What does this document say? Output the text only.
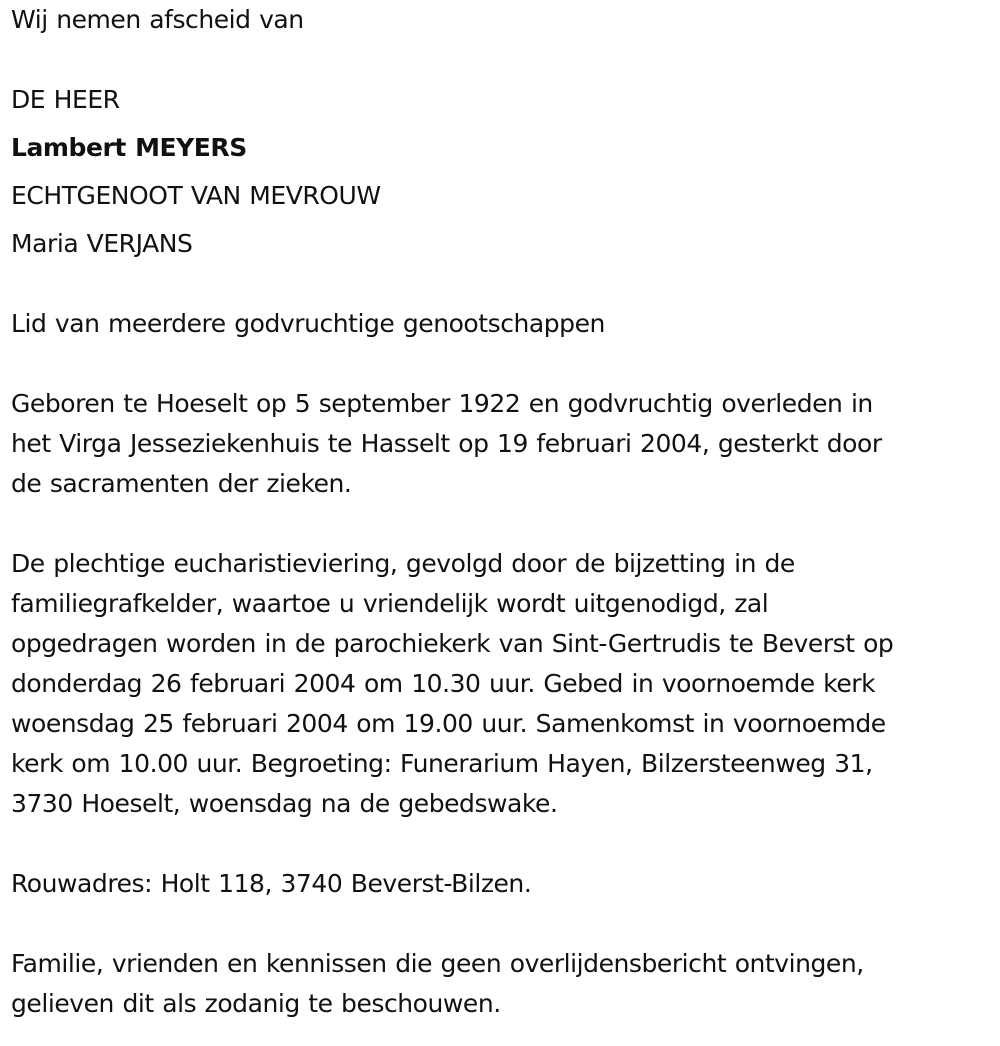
Wij nemen afscheid van

DE HEER

Lambert MEYERS

ECHTGENOOT VAN MEVROUW

Maria VERJANS

Lid van meerdere godvruchtige genootschappen

Geboren te Hoeselt op 5 september 1922 en godvruchtig overleden in
het Virga Jesseziekenhuis te Hasselt op 19 februari 2004, gesterkt door
de sacramenten der zieken.
De plechtige eucharistieviering, gevolgd door de bijzetting in de
familiegrafkelder, waartoe u vriendelijk wordt uitgenodigd, zal
opgedragen worden in de parochiekerk van Sint-Gertrudis te Beverst op
donderdag 26 februari 2004 om 10.30 uur. Gebed in voornoemde kerk
woensdag 25 februari 2004 om 19.00 uur. Samenkomst in voornoemde
kerk om 10.00 uur. Begroeting: Funerarium Hayen, Bilzersteenweg 31,
3730 Hoeselt, woensdag na de gebedswake.

Rouwadres: Holt 118, 3740 Beverst-Bilzen.

Familie, vrienden en kennissen die geen overlijdensbericht ontvingen,
gelieven dit als zodanig te beschouwen.
